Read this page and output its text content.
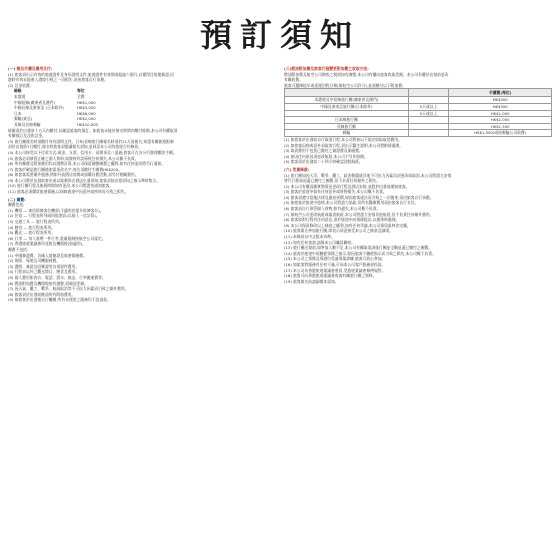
預訂須知
(一) 報名手續及費用支付:
(1) 旅客須出示有效的旅遊證件及身份證明文件,旅遊證件有效期須超過六個月,以獲得目的地簽證,回
港時有效未能進入港境引致之一切損失,須由旅客自行承擔。
(2) 訂金收費:
線路	每位
本港遊	全費
中國短線(廣東省及澳門)	HK$1,000
中國長線及東南亞 (日本除外)	HK$3,000
日本	HK$6,000
郵輪(東亞)	HK$2,000
長線及長線郵輪	HK$10,000
餘額須於出發前十五天內繳付,以確認旅客的預訂。如旅客未能於指定時間內繳付餘額,本公司有權取消
有關預訂及沒收訂金。
(3) 旅行團報名時須繳付身份證明文件。日本/長線旅行團報名時須於21天前報名,知悉有關旅遊限制
須於出發前7日繳付,報名時旅客須閱讀報名須知,並同意本公司的旅遊合約條款。
(4) 本公司接受以下付款方式:現金、支票、信用卡、易辦事及八達通;旅客可在各分行辦理繳款手續。
(5) 旅客必須填寫正確之個人資料,如資料有誤導致任何損失,本公司概不負責。
(6) 所有團費及附加費用均以港幣計算,本公司保留調整團費之權利,如有任何更改將另行通知。
(7) 旅客於確認旅行團後如需更改名字,每位須繳付手續費HK$200。
(8) 如旅客需要額外服務,例如升級酒店房間或加購自費活動,須另付相關費用。
(9) 本公司將於出發前寄出或以電郵形式發送出發須知,旅客須按出發須知之指示準時集合。
(10) 旅行團行程及航班時間如有更改,本公司將盡快通知旅客。
(11) 旅客必須購買旅遊保險,以保障旅途中因意外或疾病而引致之損失。
(二) 團費:
團費包括:
(1) 機票 — 來回經濟客位機票(不適用於提升經濟客位)。
(2) 住宿 — 行程表所列或同級酒店(以兩人一房計算)。
(3) 交通工具 — 旅行程表所列。
(4) 膳食 — 旅行程表所列。
(5) 觀光 — 旅行程表所列。
(6) 行李 — 每人准帶一件行李,重量限制按航空公司規定。
(7) 香港旅遊業議會印花稅及機場稅(如適用)。
團費不包括:
(1) 中國簽證費、各國入境簽證及旅遊保險費。
(2) 領隊、導遊及司機服務費。
(3) 護照、簽證及回鄉證等各項證件費用。
(4) 行程表以外之觀光節目、膳食及費用。
(5) 個人費用如洗衣、電話、酒水、飲品、行李搬運費等。
(6) 燃油附加費及機場稅如有調整,須補回差額。
(7) 因天氣、罷工、戰爭、航班取消等不可抗力因素而引致之額外費用。
(8) 旅客須於出發前繳清所有附加費用。
(9) 如旅客於出發後自行離團,所有未使用之服務均不設退款。
(三)燃油附加費及旅客行程變更附加費之收取方法:
燃油附加費及航空公司徵收之稅項如有調整,本公司有權向旅客收取差額。本公司有權於出發前更改
有關收費。
旅客可選擇提早或延遲回程日期(如航空公司許可),並須繳付以下附加費:
		手續費(每位)
本港遊及中短線旅行團(廣東省及澳門)		HK$500
中國及東南亞旅行團(日本除外)	5天或以上	HK$500
	5天或以上	HK$1,000
日本線旅行團		HK$1,000
長線旅行團		HK$1,500
郵輪		HK$1,000(或按郵輪公司收費)
(1) 如旅客於出發前自行取消行程,本公司將按以下規定收取取消費用。
(2) 如旅客因病或意外須取消行程,須出示醫生證明,本公司將酌情處理。
(3) 取消費用不包括已繳付之簽證費及保險費。
(4) 如因任何原因須更改航班,本公司不另作賠償。
(5) 旅客須於出發前二十四小時確認回程航班。
(六) 免責條款:
(1) 旅行團如因天災、戰爭、罷工、政治動盪或其他不可抗力因素而須更改或取消,本公司將盡力安排
替代行程或退還已繳付之團費,但不負責任何額外之損失。
(2) 本公司有權因應實際情況更改行程及酒店安排,並將於出發前通知旅客。
(3) 旅客於旅途中如有任何意外或財物損失,本公司概不負責。
(4) 旅客須遵守當地法律及風俗習慣,如因旅客違法而引致之一切後果,須由旅客自行承擔。
(5) 如旅客於旅途中患病,本公司將盡力協助,但所有醫療費用須由旅客自行支付。
(6) 旅客須自行保管個人財物,如有遺失,本公司概不負責。
(7) 如航空公司更改航班或取消航班,本公司將盡力安排其他航班,但不負責任何額外費用。
(8) 旅客如對行程有任何意見,須於旅途中向領隊提出,以便即時處理。
(9) 本公司保留修改以上條款之權利,如有任何爭議,本公司保留最終決定權。
(10) 旅客報名參加旅行團,即表示同意接受本公司之條款及細則。
(11) 本條款以中文版本為準。
(12) 如有任何查詢,請與本公司職員聯絡。
(13) 旅行團出發前,如參加人數不足,本公司有權取消該旅行團並全數退還已繳付之團費。
(14) 旅客於旅途中須聽從領隊之指示,如因旅客不聽從指示而引致之損失,本公司概不負責。
(15) 本公司之領隊及導遊均受過專業訓練,旅客可放心參加。
(16) 如旅客對服務有任何不滿,可向本公司客戶服務部投訴。
(17) 本公司為香港旅遊業議會會員,受旅遊業議會條例規管。
(18) 旅客可向香港旅遊業議會查詢有關旅行團之資料。
(19) 旅客報名前請細閱本須知。
